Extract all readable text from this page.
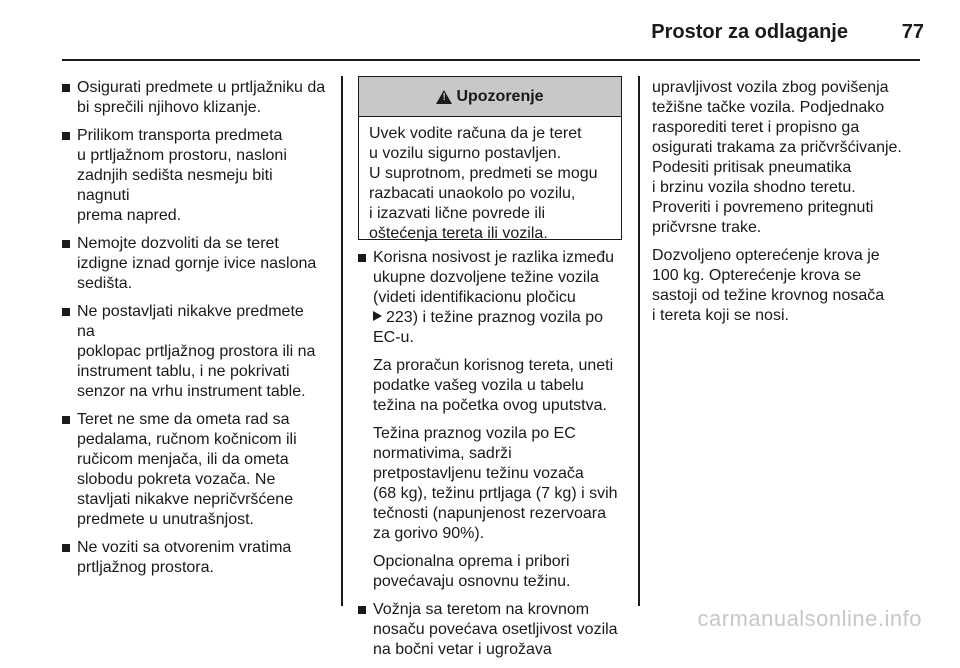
Prostor za odlaganje	77
Osigurati predmete u prtljažniku da
bi sprečili njihovo klizanje.
Prilikom transporta predmeta
u prtljažnom prostoru, nasloni
zadnjih sedišta nesmeju biti nagnuti
prema napred.
Nemojte dozvoliti da se teret
izdigne iznad gornje ivice naslona
sedišta.
Ne postavljati nikakve predmete na
poklopac prtljažnog prostora ili na
instrument tablu, i ne pokrivati
senzor na vrhu instrument table.
Teret ne sme da ometa rad sa
pedalama, ručnom kočnicom ili
ručicom menjača, ili da ometa
slobodu pokreta vozača. Ne
stavljati nikakve nepričvršćene
predmete u unutrašnjost.
Ne voziti sa otvorenim vratima
prtljažnog prostora.
!
Upozorenje
Uvek vodite računa da je teret
u vozilu sigurno postavljen.
U suprotnom, predmeti se mogu
razbacati unaokolo po vozilu,
i izazvati lične povrede ili
oštećenja tereta ili vozila.
Korisna nosivost je razlika između
ukupne dozvoljene težine vozila
(videti identifikacionu pločicu
223) i težine praznog vozila po
EC-u.
Za proračun korisnog tereta, uneti
podatke vašeg vozila u tabelu
težina na početka ovog uputstva.
Težina praznog vozila po EC
normativima, sadrži
pretpostavljenu težinu vozača
(68 kg), težinu prtljaga (7 kg) i svih
tečnosti (napunjenost rezervoara
za gorivo 90%).
Opcionalna oprema i pribori
povećavaju osnovnu težinu.
Vožnja sa teretom na krovnom
nosaču povećava osetljivost vozila
na bočni vetar i ugrožava
upravljivost vozila zbog povišenja
težišne tačke vozila. Podjednako
rasporediti teret i propisno ga
osigurati trakama za pričvršćivanje.
Podesiti pritisak pneumatika
i brzinu vozila shodno teretu.
Proveriti i povremeno pritegnuti
pričvrsne trake.
Dozvoljeno opterećenje krova je
100 kg. Opterećenje krova se
sastoji od težine krovnog nosača
i tereta koji se nosi.
carmanualsonline.info
